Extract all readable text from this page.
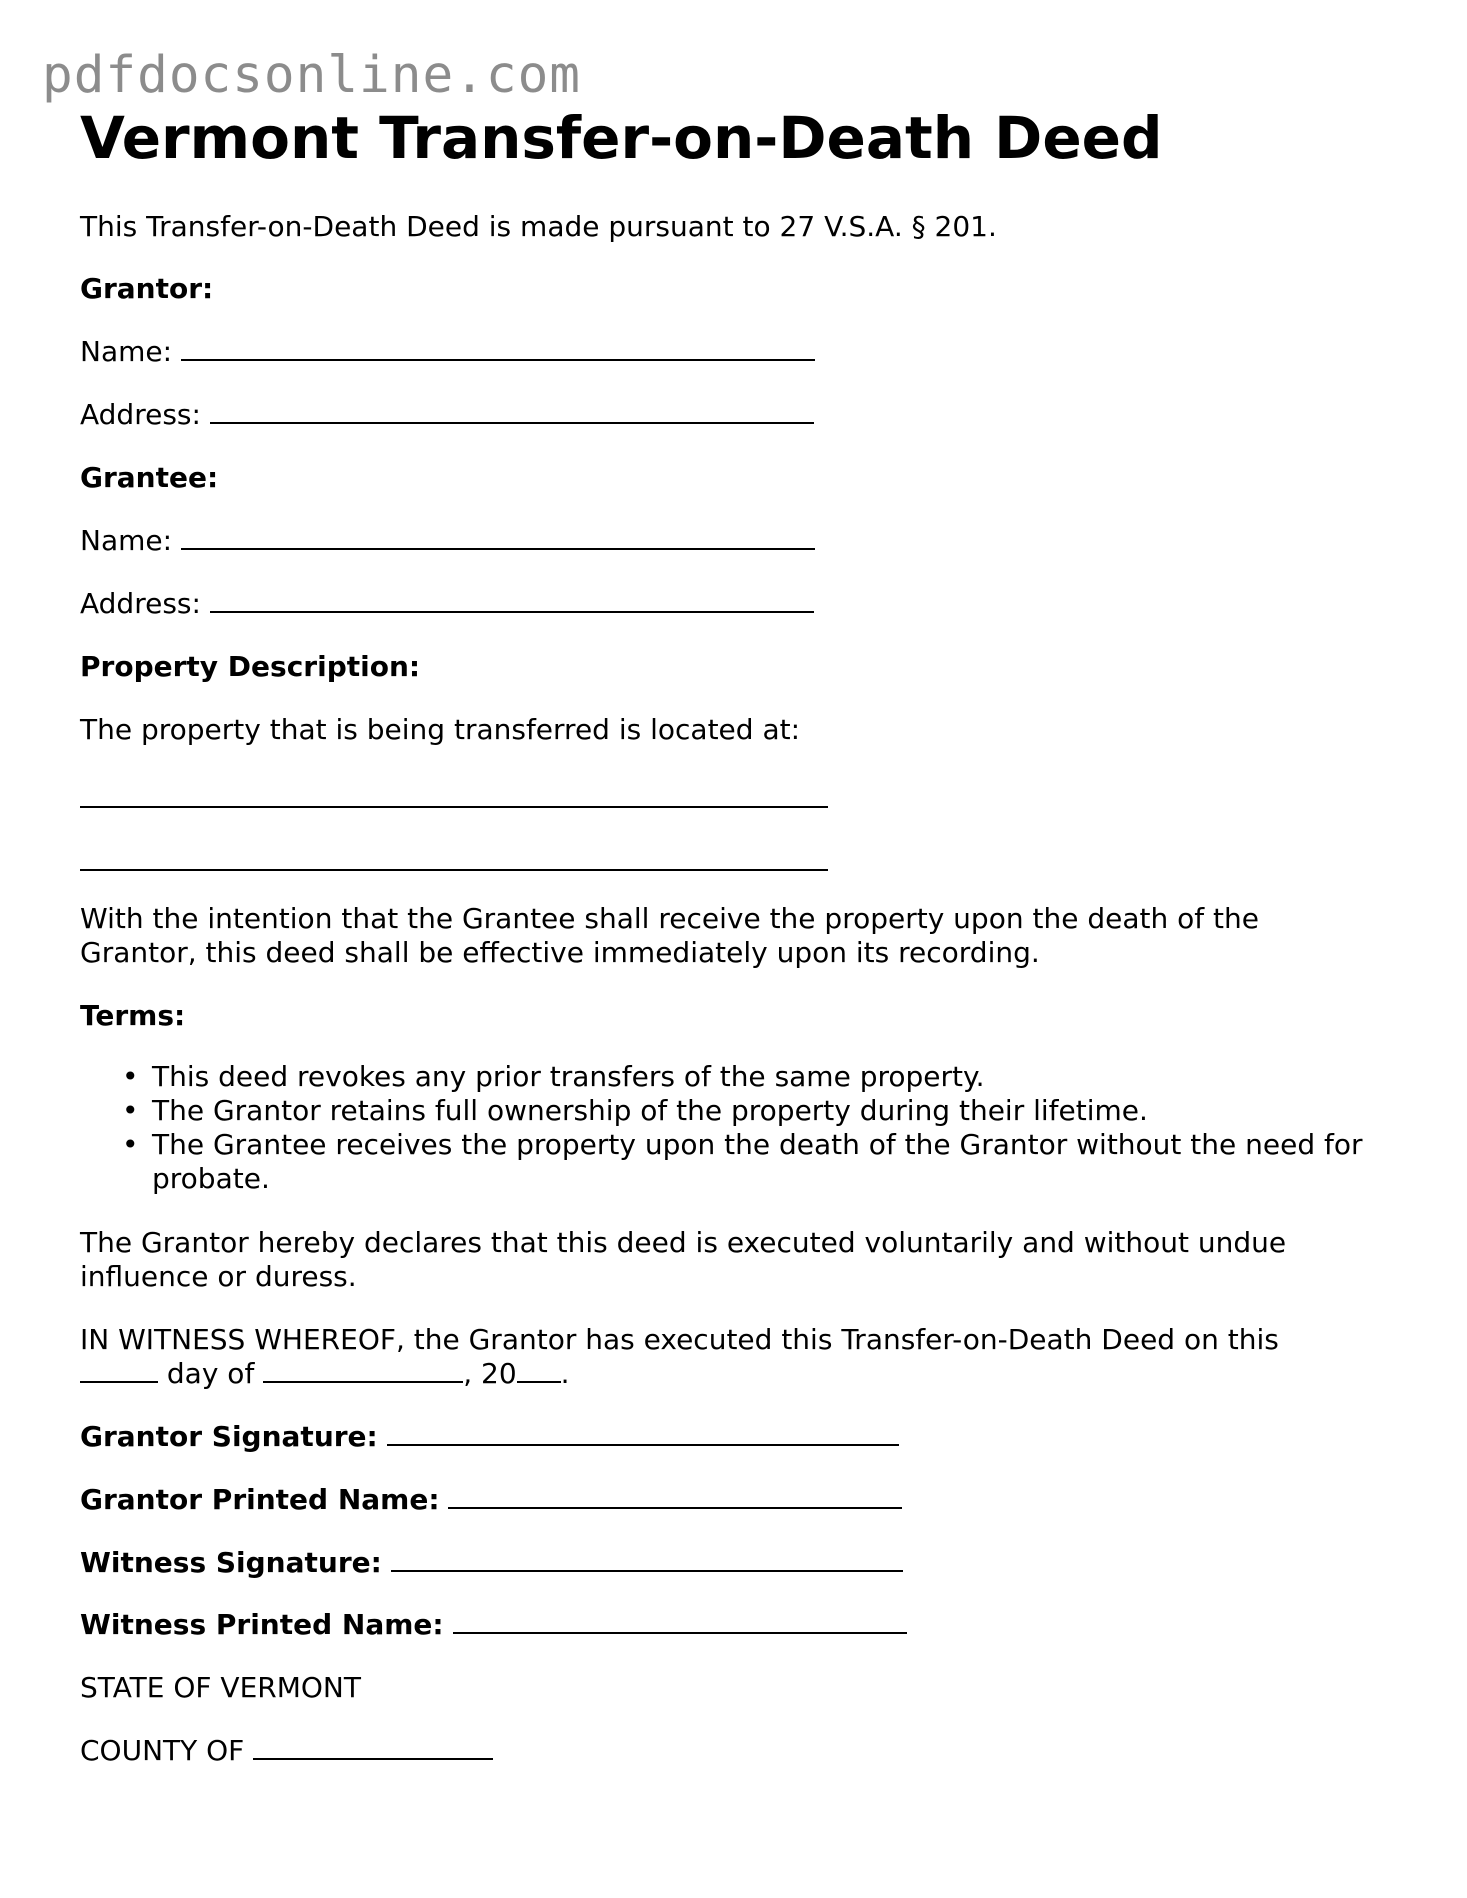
pdfdocsonline.com
Vermont Transfer-on-Death Deed
This Transfer-on-Death Deed is made pursuant to 27 V.S.A. § 201.
Grantor:
Name:
Address:
Grantee:
Name:
Address:
Property Description:
The property that is being transferred is located at:

With the intention that the Grantee shall receive the property upon the death of the Grantor, this deed shall be effective immediately upon its recording.

Terms:
• This deed revokes any prior transfers of the same property.
• The Grantor retains full ownership of the property during their lifetime.
• The Grantee receives the property upon the death of the Grantor without the need for probate.

The Grantor hereby declares that this deed is executed voluntarily and without undue influence or duress.

IN WITNESS WHEREOF, the Grantor has executed this Transfer-on-Death Deed on this
day of	, 20 .
Grantor Signature:
Grantor Printed Name:
Witness Signature:
Witness Printed Name:
STATE OF VERMONT
COUNTY OF
